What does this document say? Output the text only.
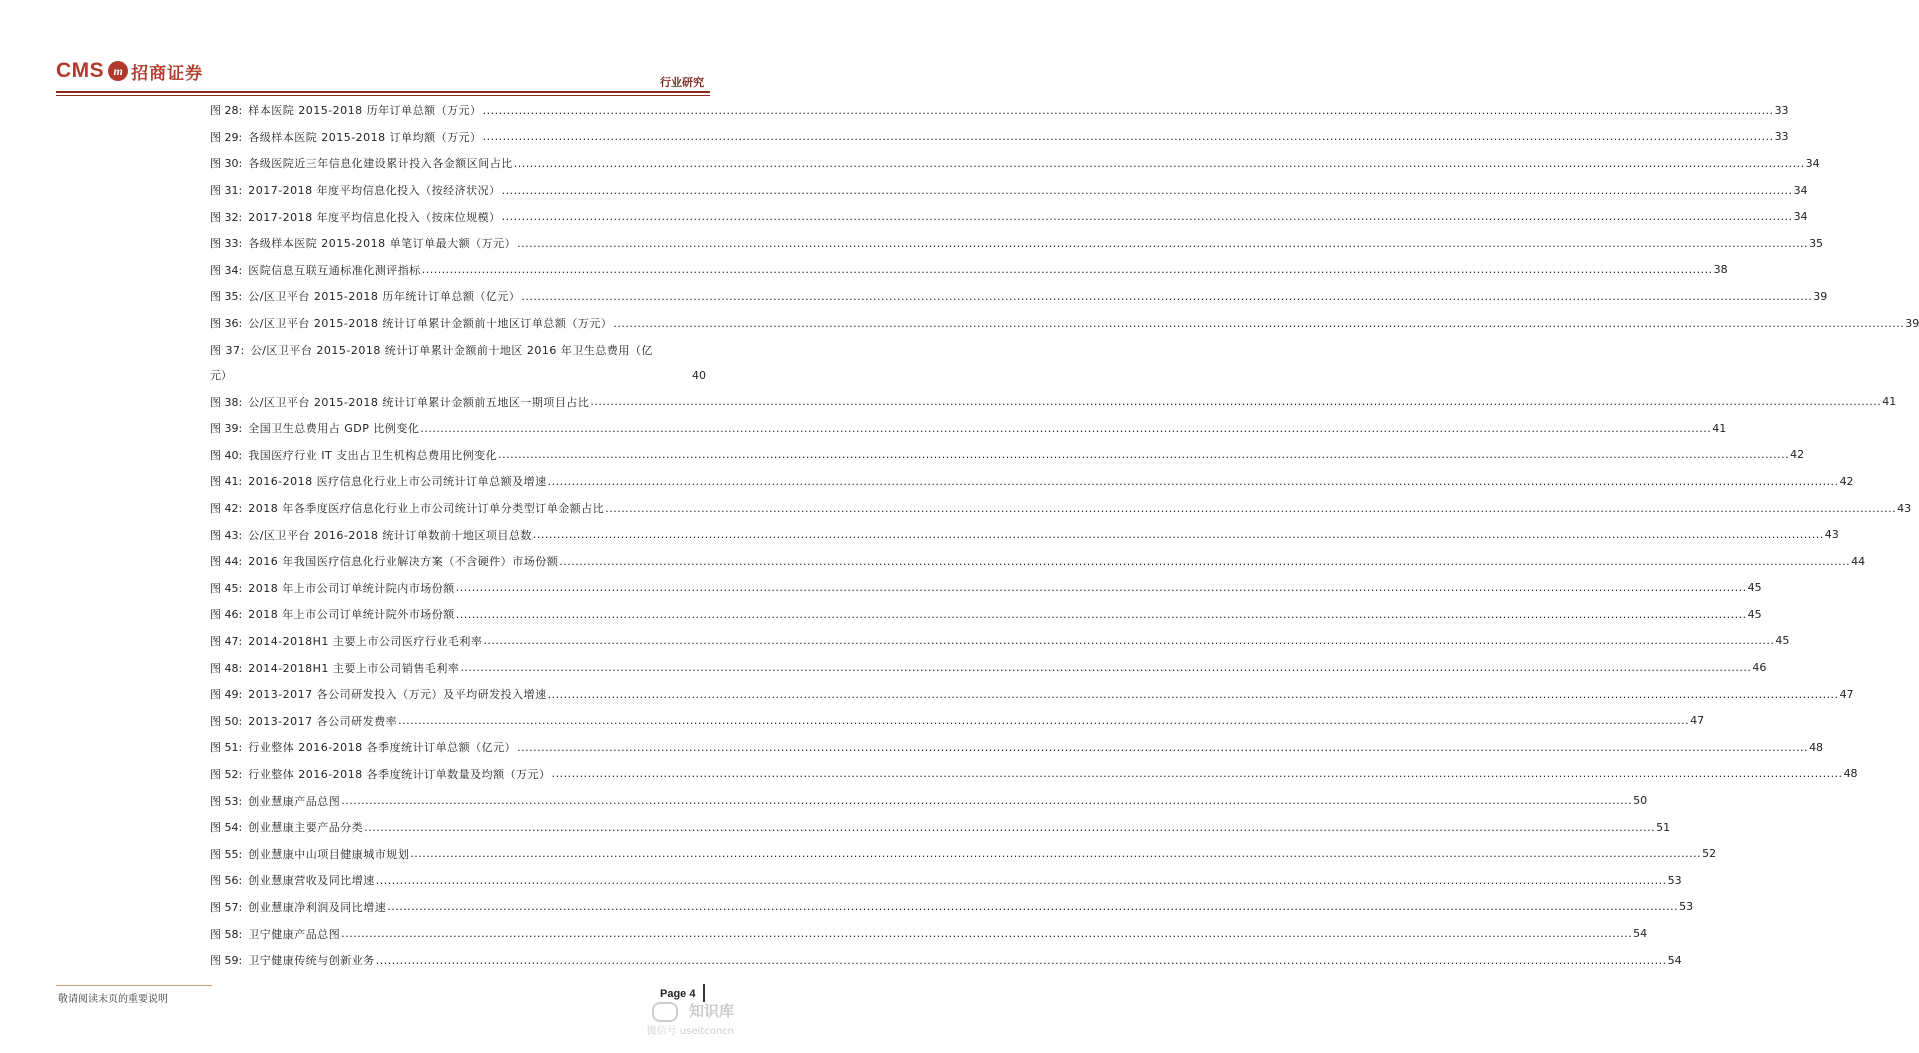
CMS m 招商证券	行业研究
图 28: 样本医院 2015-2018 历年订单总额（万元） .....	33
图 29: 各级样本医院 2015-2018 订单均额（万元） .....	33
图 30: 各级医院近三年信息化建设累计投入各金额区间占比 .....	34
图 31: 2017-2018 年度平均信息化投入（按经济状况） .....	34
图 32: 2017-2018 年度平均信息化投入（按床位规模） .....	34
图 33: 各级样本医院 2015-2018 单笔订单最大额（万元） .....	35
图 34: 医院信息互联互通标准化测评指标 .....	38
图 35: 公/区卫平台 2015-2018 历年统计订单总额（亿元） .....	39
图 36: 公/区卫平台 2015-2018 统计订单累计金额前十地区订单总额（万元） .....	39
图 37: 公/区卫平台 2015-2018 统计订单累计金额前十地区 2016 年卫生总费用（亿
元）	40
图 38: 公/区卫平台 2015-2018 统计订单累计金额前五地区一期项目占比 .....	41
图 39: 全国卫生总费用占 GDP 比例变化 .....	41
图 40: 我国医疗行业 IT 支出占卫生机构总费用比例变化 .....	42
图 41: 2016-2018 医疗信息化行业上市公司统计订单总额及增速 .....	42
图 42: 2018 年各季度医疗信息化行业上市公司统计订单分类型订单金额占比 .....	43
图 43: 公/区卫平台 2016-2018 统计订单数前十地区项目总数 .....	43
图 44: 2016 年我国医疗信息化行业解决方案（不含硬件）市场份额 .....	44
图 45: 2018 年上市公司订单统计院内市场份额 .....	45
图 46: 2018 年上市公司订单统计院外市场份额 .....	45
图 47: 2014-2018H1 主要上市公司医疗行业毛利率 .....	45
图 48: 2014-2018H1 主要上市公司销售毛利率 .....	46
图 49: 2013-2017 各公司研发投入（万元）及平均研发投入增速 .....	47
图 50: 2013-2017 各公司研发费率 .....	47
图 51: 行业整体 2016-2018 各季度统计订单总额（亿元） .....	48
图 52: 行业整体 2016-2018 各季度统计订单数量及均额（万元） .....	48
图 53: 创业慧康产品总图 .....	50
图 54: 创业慧康主要产品分类 .....	51
图 55: 创业慧康中山项目健康城市规划 .....	52
图 56: 创业慧康营收及同比增速 .....	53
图 57: 创业慧康净利润及同比增速 .....	53
图 58: 卫宁健康产品总图 .....	54
图 59: 卫宁健康传统与创新业务 .....	54
敬请阅读末页的重要说明	Page 4
知识库
微信号 useitconcn
